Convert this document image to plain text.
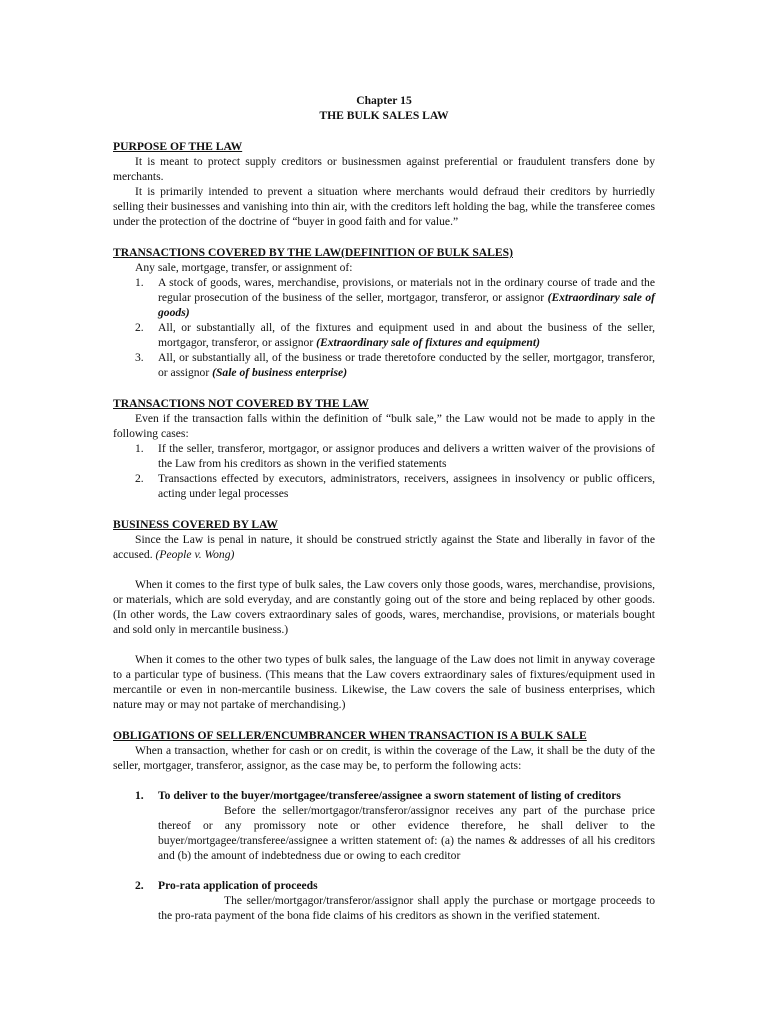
Chapter 15
THE BULK SALES LAW
PURPOSE OF THE LAW

It is meant to protect supply creditors or businessmen against preferential or fraudulent transfers done by merchants.

It is primarily intended to prevent a situation where merchants would defraud their creditors by hurriedly selling their businesses and vanishing into thin air, with the creditors left holding the bag, while the transferee comes under the protection of the doctrine of “buyer in good faith and for value.”

TRANSACTIONS COVERED BY THE LAW(DEFINITION OF BULK SALES)

Any sale, mortgage, transfer, or assignment of:

1. A stock of goods, wares, merchandise, provisions, or materials not in the ordinary course of trade and the regular prosecution of the business of the seller, mortgagor, transferor, or assignor (Extraordinary sale of goods)
2. All, or substantially all, of the fixtures and equipment used in and about the business of the seller, mortgagor, transferor, or assignor (Extraordinary sale of fixtures and equipment)
3. All, or substantially all, of the business or trade theretofore conducted by the seller, mortgagor, transferor, or assignor (Sale of business enterprise)
TRANSACTIONS NOT COVERED BY THE LAW

Even if the transaction falls within the definition of “bulk sale,” the Law would not be made to apply in the following cases:

1. If the seller, transferor, mortgagor, or assignor produces and delivers a written waiver of the provisions of the Law from his creditors as shown in the verified statements
2. Transactions effected by executors, administrators, receivers, assignees in insolvency or public officers, acting under legal processes
BUSINESS COVERED BY LAW

Since the Law is penal in nature, it should be construed strictly against the State and liberally in favor of the accused. (People v. Wong)

When it comes to the first type of bulk sales, the Law covers only those goods, wares, merchandise, provisions, or materials, which are sold everyday, and are constantly going out of the store and being replaced by other goods. (In other words, the Law covers extraordinary sales of goods, wares, merchandise, provisions, or materials bought and sold only in mercantile business.)

When it comes to the other two types of bulk sales, the language of the Law does not limit in anyway coverage to a particular type of business. (This means that the Law covers extraordinary sales of fixtures/equipment used in mercantile or even in non-mercantile business. Likewise, the Law covers the sale of business enterprises, which nature may or may not partake of merchandising.)

OBLIGATIONS OF SELLER/ENCUMBRANCER WHEN TRANSACTION IS A BULK SALE

When a transaction, whether for cash or on credit, is within the coverage of the Law, it shall be the duty of the seller, mortgager, transferor, assignor, as the case may be, to perform the following acts:

1. To deliver to the buyer/mortgagee/transferee/assignee a sworn statement of listing of creditors

Before the seller/mortgagor/transferor/assignor receives any part of the purchase price thereof or any promissory note or other evidence therefore, he shall deliver to the buyer/mortgagee/transferee/assignee a written statement of: (a) the names & addresses of all his creditors and (b) the amount of indebtedness due or owing to each creditor

2. Pro-rata application of proceeds

The seller/mortgagor/transferor/assignor shall apply the purchase or mortgage proceeds to the pro-rata payment of the bona fide claims of his creditors as shown in the verified statement.
